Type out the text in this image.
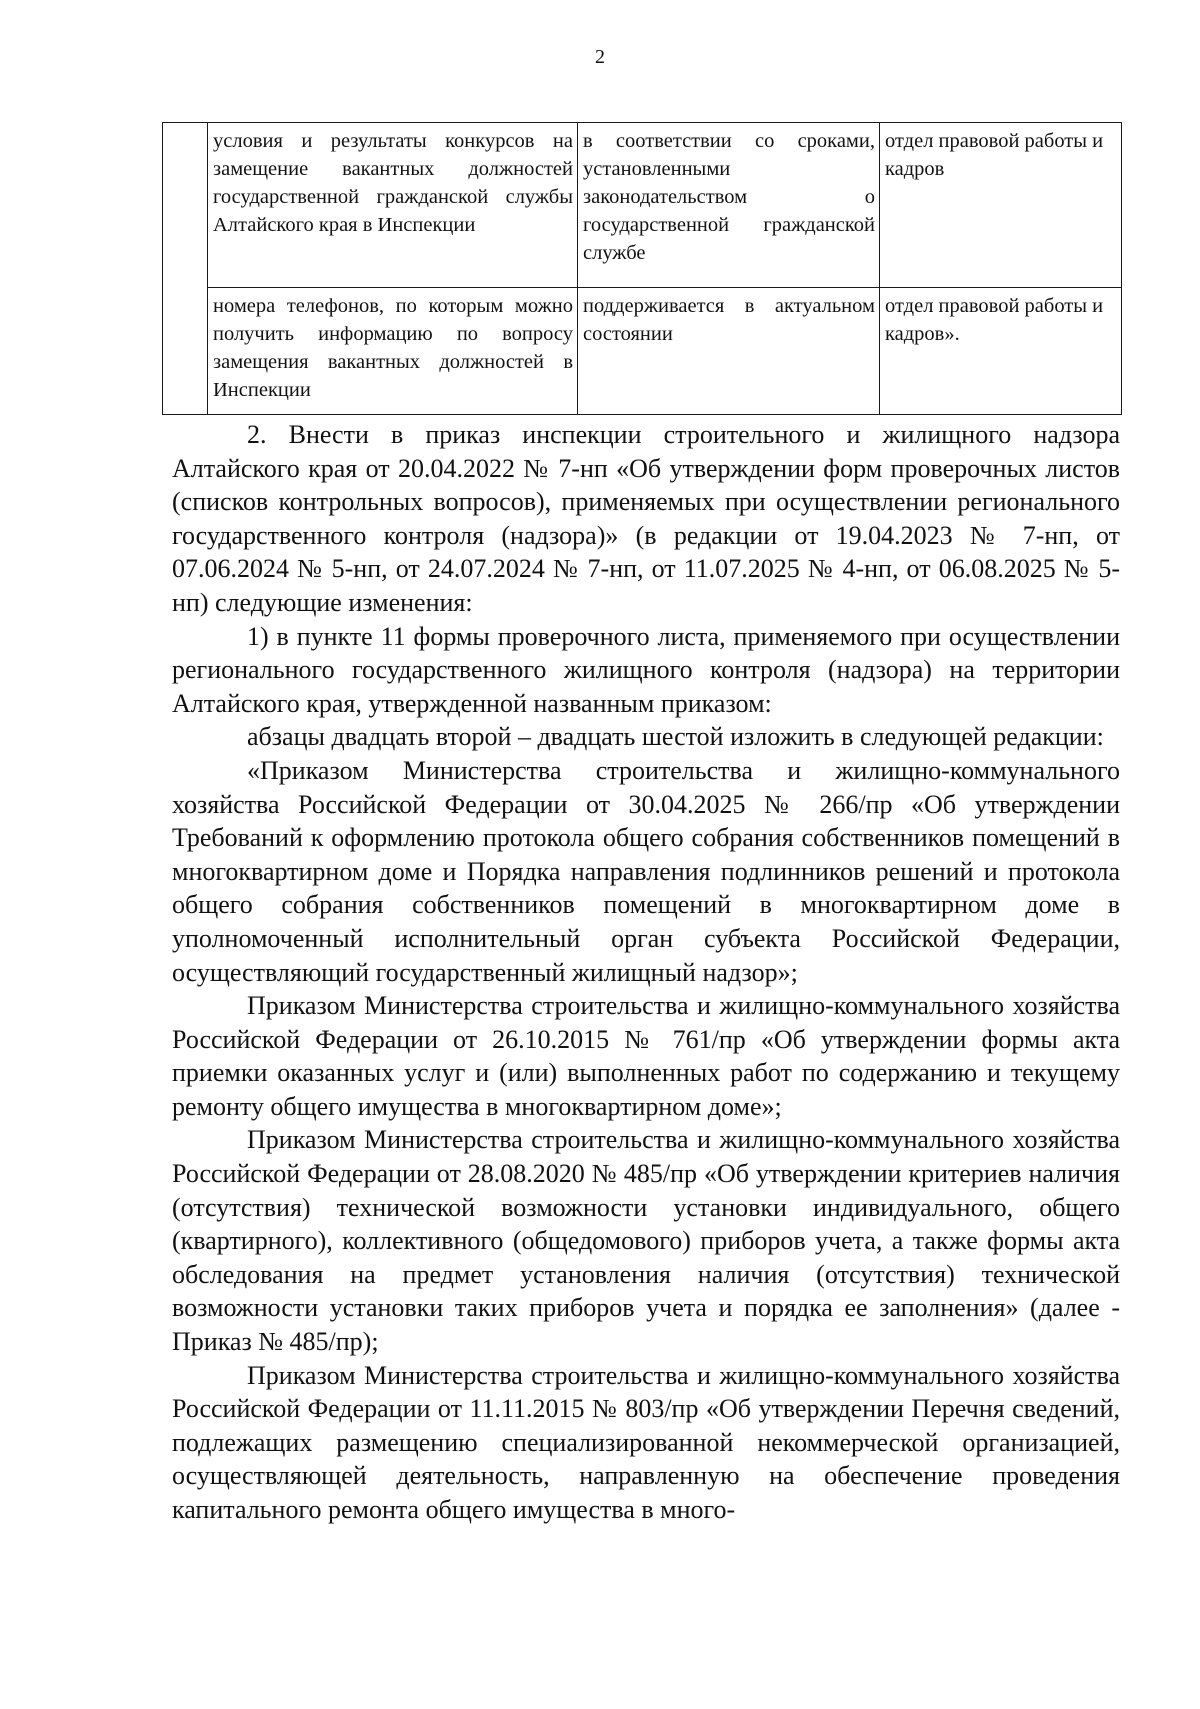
2
	условия и результаты конкурсов на замещение вакантных должностей государственной гражданской службы Алтайского края в Инспекции	в соответствии со сроками, установленными законодательством о государственной гражданской службе	отдел правовой работы и кадров
	номера телефонов, по которым можно получить информацию по вопросу замещения вакантных должностей в Инспекции	поддерживается в актуальном состоянии	отдел правовой работы и кадров».

2. Внести в приказ инспекции строительного и жилищного надзора Алтайского края от 20.04.2022 № 7-нп «Об утверждении форм проверочных листов (списков контрольных вопросов), применяемых при осуществлении регионального государственного контроля (надзора)» (в редакции от 19.04.2023 № 7-нп, от 07.06.2024 № 5-нп, от 24.07.2024 № 7-нп, от 11.07.2025 № 4-нп, от 06.08.2025 № 5-нп) следующие изменения:

1) в пункте 11 формы проверочного листа, применяемого при осуществлении регионального государственного жилищного контроля (надзора) на территории Алтайского края, утвержденной названным приказом:

абзацы двадцать второй – двадцать шестой изложить в следующей редакции:

«Приказом Министерства строительства и жилищно-коммунального хозяйства Российской Федерации от 30.04.2025 № 266/пр «Об утверждении Требований к оформлению протокола общего собрания собственников помещений в многоквартирном доме и Порядка направления подлинников решений и протокола общего собрания собственников помещений в многоквартирном доме в уполномоченный исполнительный орган субъекта Российской Федерации, осуществляющий государственный жилищный надзор»;

Приказом Министерства строительства и жилищно-коммунального хозяйства Российской Федерации от 26.10.2015 № 761/пр «Об утверждении формы акта приемки оказанных услуг и (или) выполненных работ по содержанию и текущему ремонту общего имущества в многоквартирном доме»;

Приказом Министерства строительства и жилищно-коммунального хозяйства Российской Федерации от 28.08.2020 № 485/пр «Об утверждении критериев наличия (отсутствия) технической возможности установки индивидуального, общего (квартирного), коллективного (общедомового) приборов учета, а также формы акта обследования на предмет установления наличия (отсутствия) технической возможности установки таких приборов учета и порядка ее заполнения» (далее - Приказ № 485/пр);

Приказом Министерства строительства и жилищно-коммунального хозяйства Российской Федерации от 11.11.2015 № 803/пр «Об утверждении Перечня сведений, подлежащих размещению специализированной некоммерческой организацией, осуществляющей деятельность, направленную на обеспечение проведения капитального ремонта общего имущества в много-
